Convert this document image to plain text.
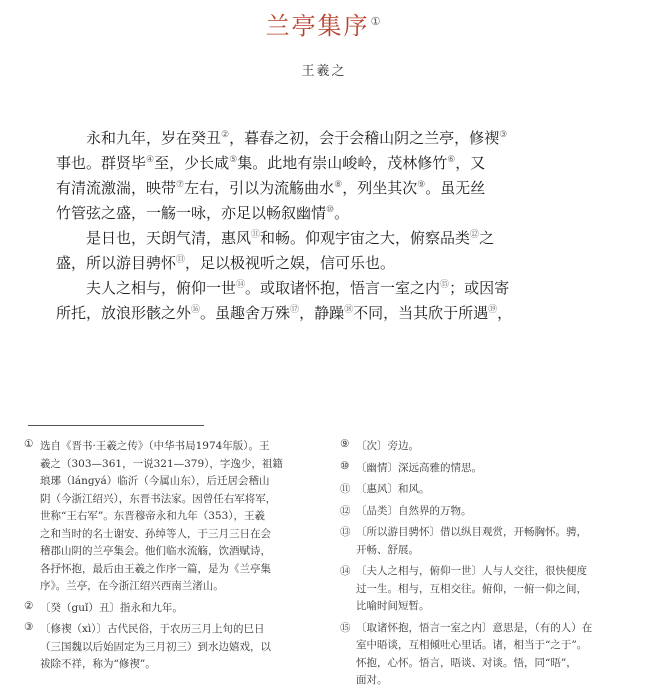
兰亭集序①
王羲之
永和九年，岁在癸丑②，暮春之初，会于会稽山阴之兰亭，修禊③
事也。群贤毕④至，少长咸⑤集。此地有崇山峻岭，茂林修竹⑥，又
有清流激湍，映带⑦左右，引以为流觞曲水⑧，列坐其次⑨。虽无丝
竹管弦之盛，一觞一咏，亦足以畅叙幽情⑩。
是日也，天朗气清，惠风⑪和畅。仰观宇宙之大，俯察品类⑫之
盛，所以游目骋怀⑬，足以极视听之娱，信可乐也。
夫人之相与，俯仰一世⑭。或取诸怀抱，悟言一室之内⑮；或因寄
所托，放浪形骸之外⑯。虽趣舍万殊⑰，静躁⑱不同，当其欣于所遇⑲，
① 选自《晋书·王羲之传》（中华书局1974年版）。王
羲之（303—361，一说321—379），字逸少，祖籍
琅琊（lángyá）临沂（今属山东），后迁居会稽山
阴（今浙江绍兴），东晋书法家。因曾任右军将军，
世称“王右军”。东晋穆帝永和九年（353），王羲
之和当时的名士谢安、孙绰等人，于三月三日在会
稽郡山阴的兰亭集会。他们临水流觞，饮酒赋诗，
各抒怀抱，最后由王羲之作序一篇，是为《兰亭集
序》。兰亭，在今浙江绍兴西南兰渚山。
② 〔癸（guǐ）丑〕指永和九年。
③ 〔修禊（xì）〕古代民俗，于农历三月上旬的巳日
（三国魏以后始固定为三月初三）到水边嬉戏，以
祓除不祥，称为“修禊”。
⑨ 〔次〕旁边。
⑩ 〔幽情〕深远高雅的情思。
⑪ 〔惠风〕和风。
⑫ 〔品类〕自然界的万物。
⑬ 〔所以游目骋怀〕借以纵目观赏，开畅胸怀。骋，
开畅、舒展。
⑭ 〔夫人之相与，俯仰一世〕人与人交往，很快便度
过一生。相与，互相交往。俯仰，一俯一仰之间，
比喻时间短暂。
⑮ 〔取诸怀抱，悟言一室之内〕意思是，（有的人）在
室中晤谈，互相倾吐心里话。诸，相当于“之于”。
怀抱，心怀。悟言，晤谈、对谈。悟，同“晤”，
面对。
